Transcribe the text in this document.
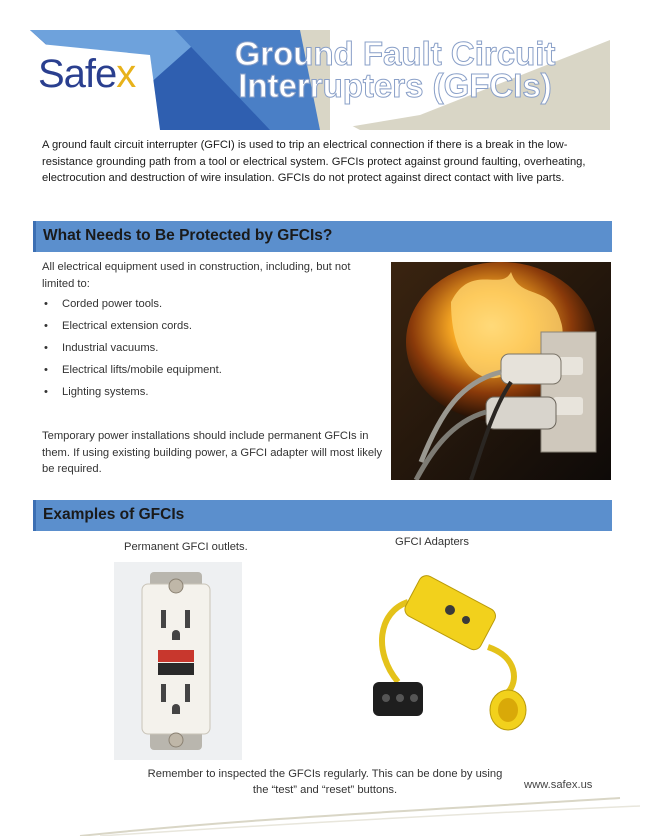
Safex	Ground Fault Circuit
Interrupters (GFCIs)
A ground fault circuit interrupter (GFCI) is used to trip an electrical connection if there is a break in the low-resistance grounding path from a tool or electrical system. GFCIs protect against ground faulting, overheating, electrocution and destruction of wire insulation. GFCIs do not protect against direct contact with live parts.
What Needs to Be Protected by GFCIs?
All electrical equipment used in construction, including, but not limited to:
• Corded power tools.
• Electrical extension cords.
• Industrial vacuums.
• Electrical lifts/mobile equipment.
• Lighting systems.
Temporary power installations should include permanent GFCIs in them. If using existing building power, a GFCI adapter will most likely be required.
Examples of GFCIs
Permanent GFCI outlets.	GFCI Adapters
Remember to inspected the GFCIs regularly. This can be done by using the “test” and “reset” buttons.	www.safex.us
